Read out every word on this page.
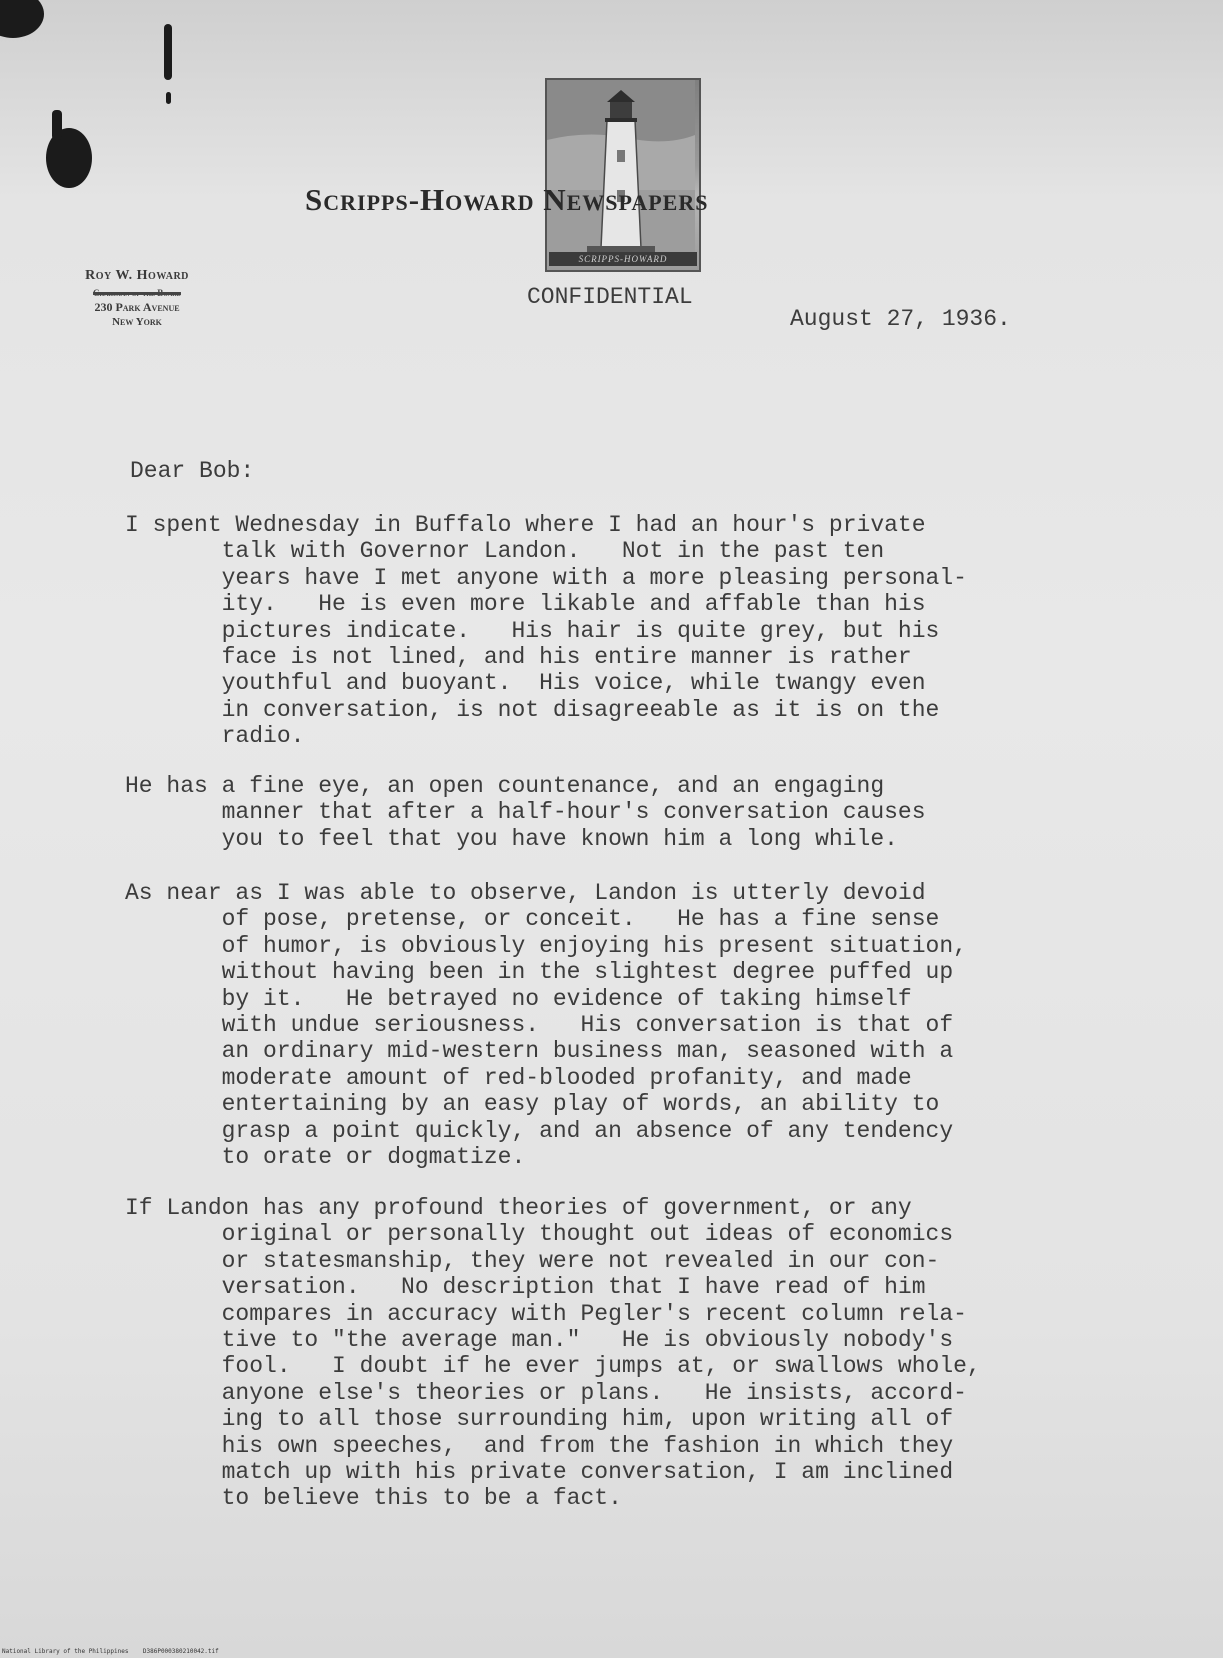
SCRIPPS-HOWARD
Scripps-Howard Newspapers
Roy W. Howard
Chairman of the Board
230 Park Avenue
New York
CONFIDENTIAL
August 27, 1936.
Dear Bob:
I spent Wednesday in Buffalo where I had an hour's private
talk with Governor Landon.   Not in the past ten
years have I met anyone with a more pleasing personal-
ity.   He is even more likable and affable than his
pictures indicate.   His hair is quite grey, but his
face is not lined, and his entire manner is rather
youthful and buoyant.  His voice, while twangy even
in conversation, is not disagreeable as it is on the
radio.
He has a fine eye, an open countenance, and an engaging
manner that after a half-hour's conversation causes
you to feel that you have known him a long while.
As near as I was able to observe, Landon is utterly devoid
of pose, pretense, or conceit.   He has a fine sense
of humor, is obviously enjoying his present situation,
without having been in the slightest degree puffed up
by it.   He betrayed no evidence of taking himself
with undue seriousness.   His conversation is that of
an ordinary mid-western business man, seasoned with a
moderate amount of red-blooded profanity, and made
entertaining by an easy play of words, an ability to
grasp a point quickly, and an absence of any tendency
to orate or dogmatize.
If Landon has any profound theories of government, or any
original or personally thought out ideas of economics
or statesmanship, they were not revealed in our con-
versation.   No description that I have read of him
compares in accuracy with Pegler's recent column rela-
tive to "the average man."   He is obviously nobody's
fool.   I doubt if he ever jumps at, or swallows whole,
anyone else's theories or plans.   He insists, accord-
ing to all those surrounding him, upon writing all of
his own speeches,  and from the fashion in which they
match up with his private conversation, I am inclined
to believe this to be a fact.
National Library of the Philippines    D386P000380210042.tif
